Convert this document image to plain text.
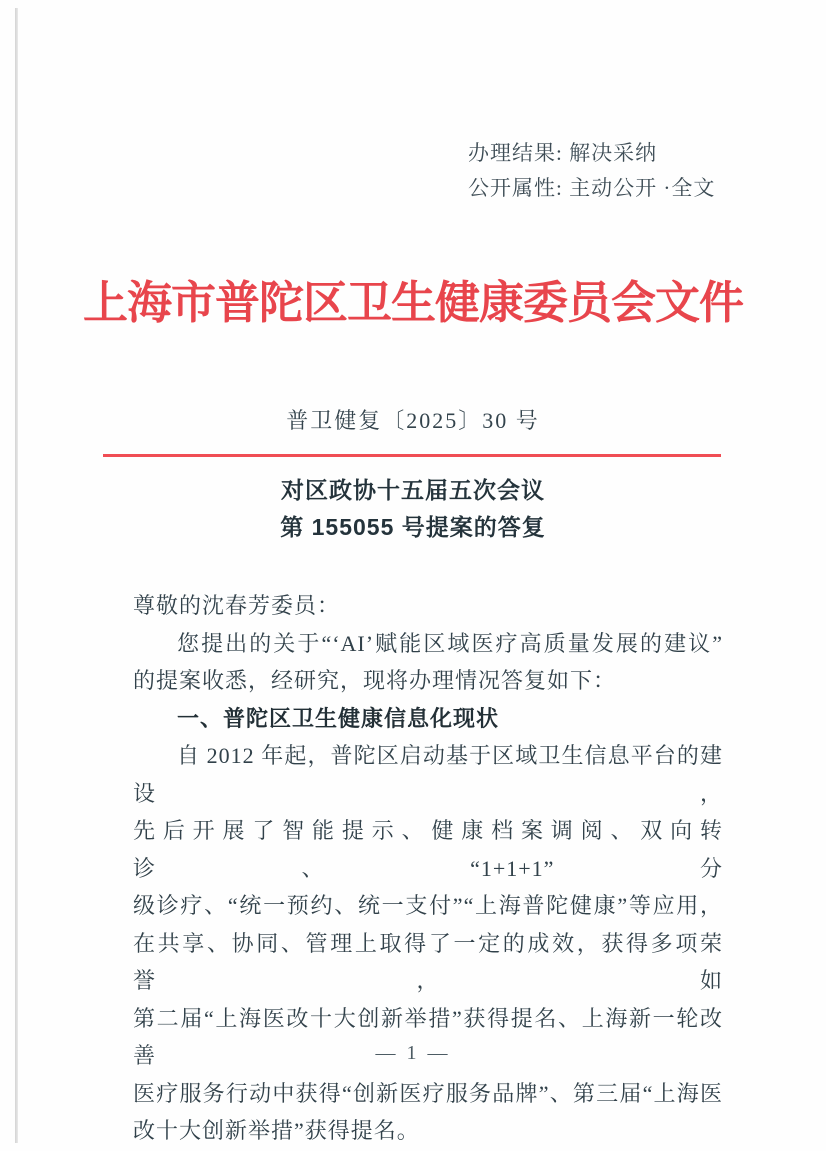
办理结果: 解决采纳
公开属性: 主动公开 ·全文
上海市普陀区卫生健康委员会文件
普卫健复〔2025〕30 号
对区政协十五届五次会议
第 155055 号提案的答复
尊敬的沈春芳委员：
您提出的关于“‘AI’赋能区域医疗高质量发展的建议”
的提案收悉，经研究，现将办理情况答复如下：
一、普陀区卫生健康信息化现状
自 2012 年起，普陀区启动基于区域卫生信息平台的建设，
先后开展了智能提示、健康档案调阅、双向转诊、“1+1+1”分
级诊疗、“统一预约、统一支付”“上海普陀健康”等应用，
在共享、协同、管理上取得了一定的成效，获得多项荣誉，如
第二届“上海医改十大创新举措”获得提名、上海新一轮改善
医疗服务行动中获得“创新医疗服务品牌”、第三届“上海医
改十大创新举措”获得提名。
— 1 —
